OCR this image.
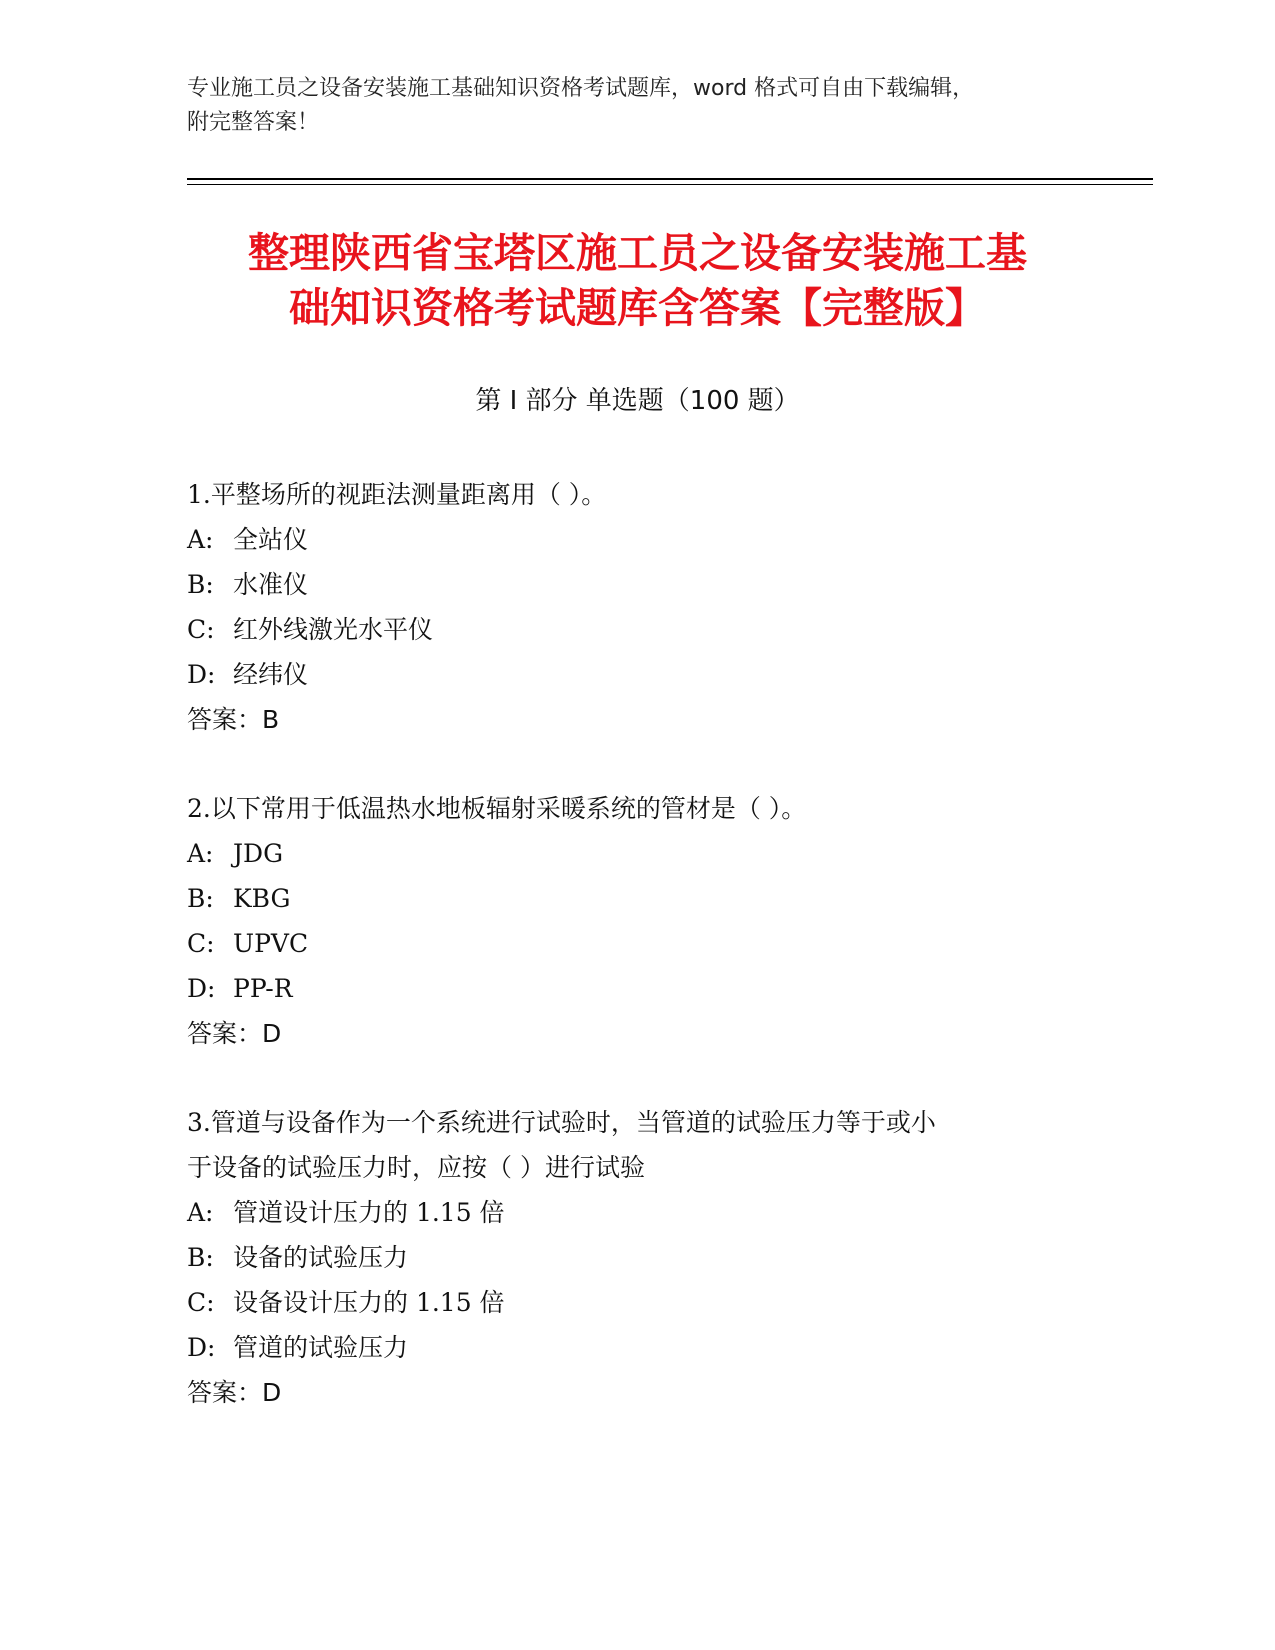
专业施工员之设备安装施工基础知识资格考试题库，word 格式可自由下载编辑，
附完整答案！
整理陕西省宝塔区施工员之设备安装施工基
础知识资格考试题库含答案【完整版】
第 I 部分 单选题（100 题）
1.平整场所的视距法测量距离用（ ）。
A: 全站仪
B: 水准仪
C: 红外线激光水平仪
D: 经纬仪
答案：B
2.以下常用于低温热水地板辐射采暖系统的管材是（ ）。
A: JDG
B: KBG
C: UPVC
D: PP-R
答案：D
3.管道与设备作为一个系统进行试验时，当管道的试验压力等于或小
于设备的试验压力时，应按（ ）进行试验
A: 管道设计压力的 1.15 倍
B: 设备的试验压力
C: 设备设计压力的 1.15 倍
D: 管道的试验压力
答案：D
